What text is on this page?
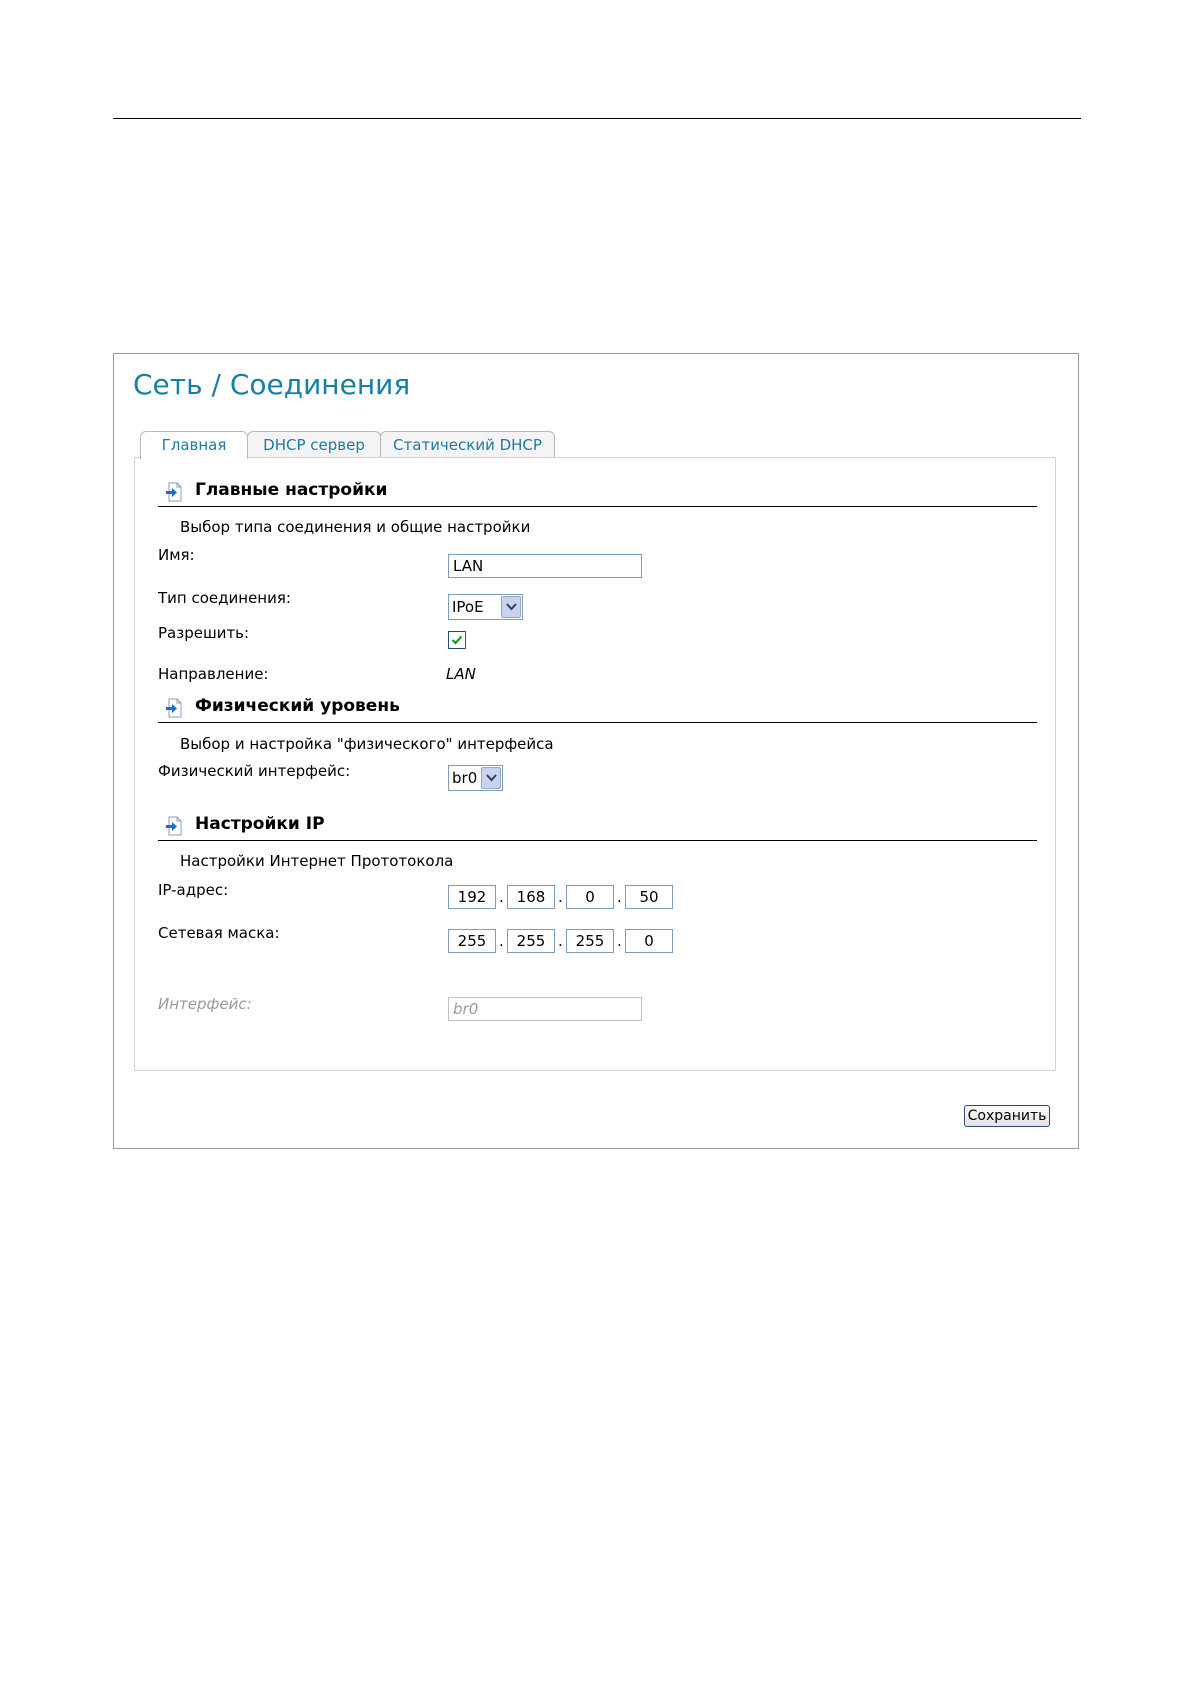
Сеть / Соединения
Главная	DHCP сервер	Статический DHCP
Главные настройки
Выбор типа соединения и общие настройки
Имя:
LAN
Тип соединения:	IPoE
Разрешить:
Направление:	LAN
Физический уровень
Выбор и настройка "физического" интерфейса
Физический интерфейс:	br0
Настройки IP
Настройки Интернет Прототокола
IP-адрес:
192	.
168	.
0	.
50
Сетевая маска:
255	.
255	.
255	.
0
Интерфейс:
br0
Сохранить
